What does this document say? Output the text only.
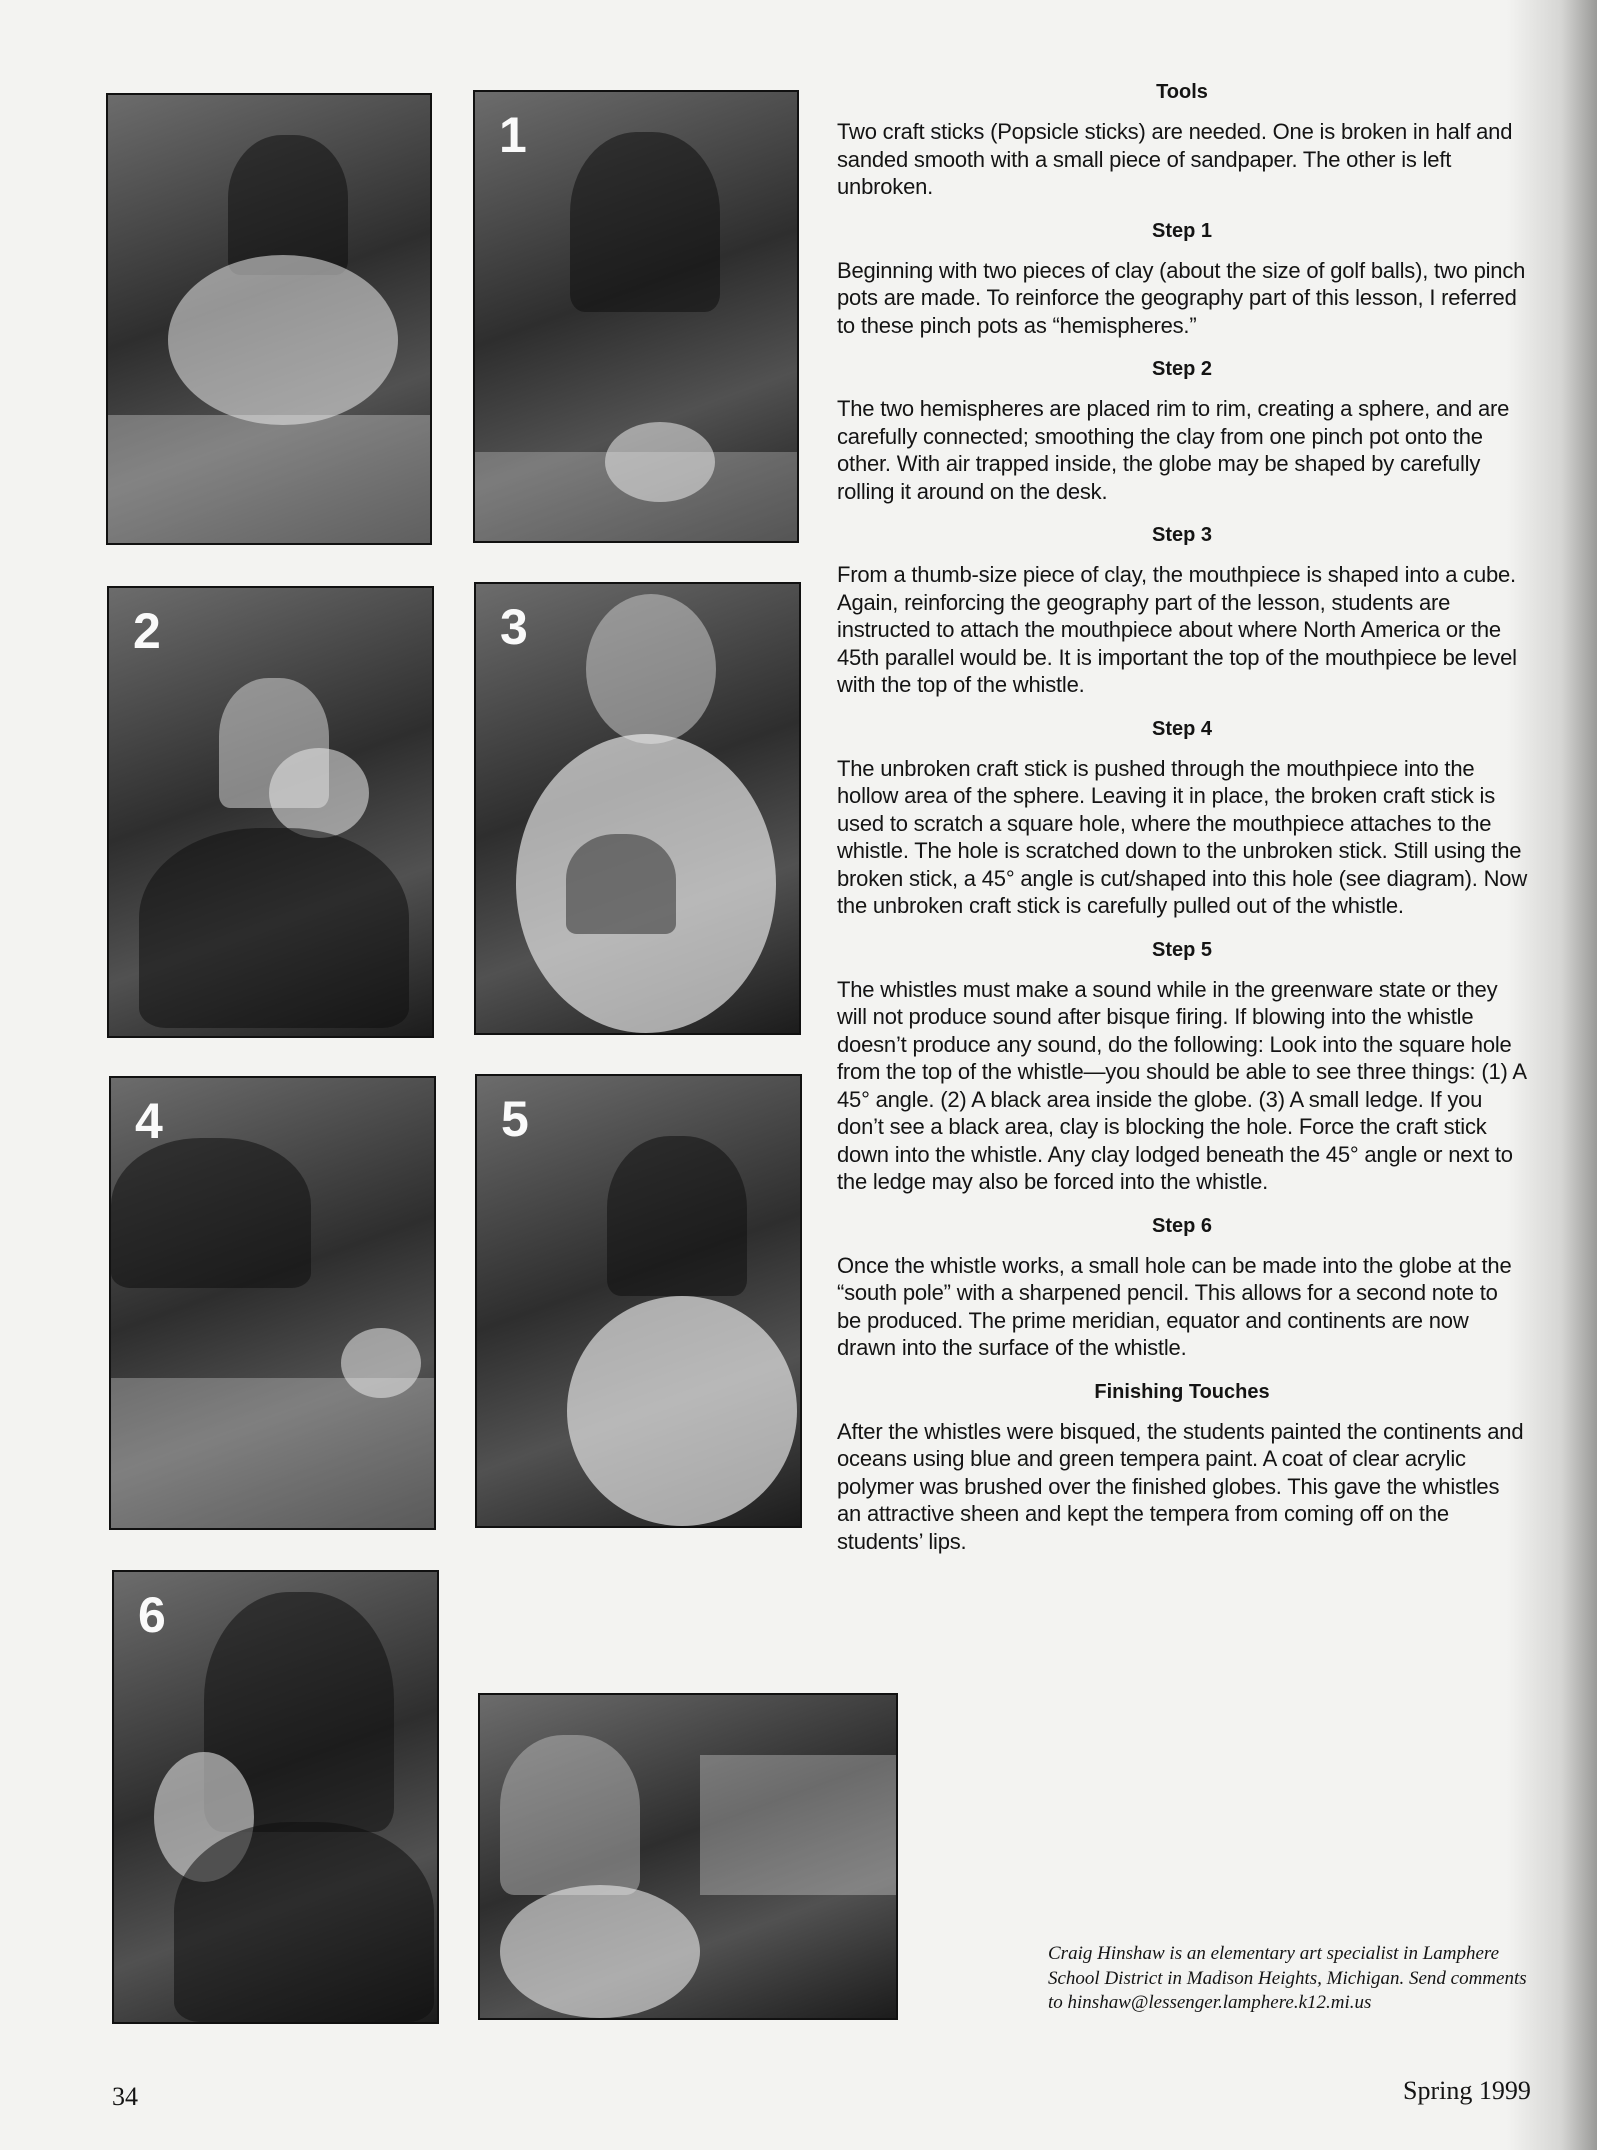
1
2	3
4	5
6
Tools

Two craft sticks (Popsicle sticks) are needed. One is broken in half and sanded smooth with a small piece of sandpaper. The other is left unbroken.

Step 1

Beginning with two pieces of clay (about the size of golf balls), two pinch pots are made. To reinforce the geography part of this lesson, I referred to these pinch pots as “hemispheres.”

Step 2

The two hemispheres are placed rim to rim, creating a sphere, and are carefully connected; smoothing the clay from one pinch pot onto the other. With air trapped inside, the globe may be shaped by carefully rolling it around on the desk.

Step 3

From a thumb-size piece of clay, the mouthpiece is shaped into a cube. Again, reinforcing the geography part of the lesson, students are instructed to attach the mouthpiece about where North America or the 45th parallel would be. It is important the top of the mouthpiece be level with the top of the whistle.

Step 4

The unbroken craft stick is pushed through the mouthpiece into the hollow area of the sphere. Leaving it in place, the broken craft stick is used to scratch a square hole, where the mouthpiece attaches to the whistle. The hole is scratched down to the unbroken stick. Still using the broken stick, a 45° angle is cut/shaped into this hole (see diagram). Now the unbroken craft stick is carefully pulled out of the whistle.

Step 5

The whistles must make a sound while in the greenware state or they will not produce sound after bisque firing. If blowing into the whistle doesn’t produce any sound, do the following: Look into the square hole from the top of the whistle—you should be able to see three things: (1) A 45° angle. (2) A black area inside the globe. (3) A small ledge. If you don’t see a black area, clay is blocking the hole. Force the craft stick down into the whistle. Any clay lodged beneath the 45° angle or next to the ledge may also be forced into the whistle.

Step 6

Once the whistle works, a small hole can be made into the globe at the “south pole” with a sharpened pencil. This allows for a second note to be produced. The prime meridian, equator and continents are now drawn into the surface of the whistle.

Finishing Touches

After the whistles were bisqued, the students painted the continents and oceans using blue and green tempera paint. A coat of clear acrylic polymer was brushed over the finished globes. This gave the whistles an attractive sheen and kept the tempera from coming off on the students’ lips.

Craig Hinshaw is an elementary art specialist in Lamphere School District in Madison Heights, Michigan. Send comments to hinshaw@lessenger.lamphere.k12.mi.us
34	Spring 1999
